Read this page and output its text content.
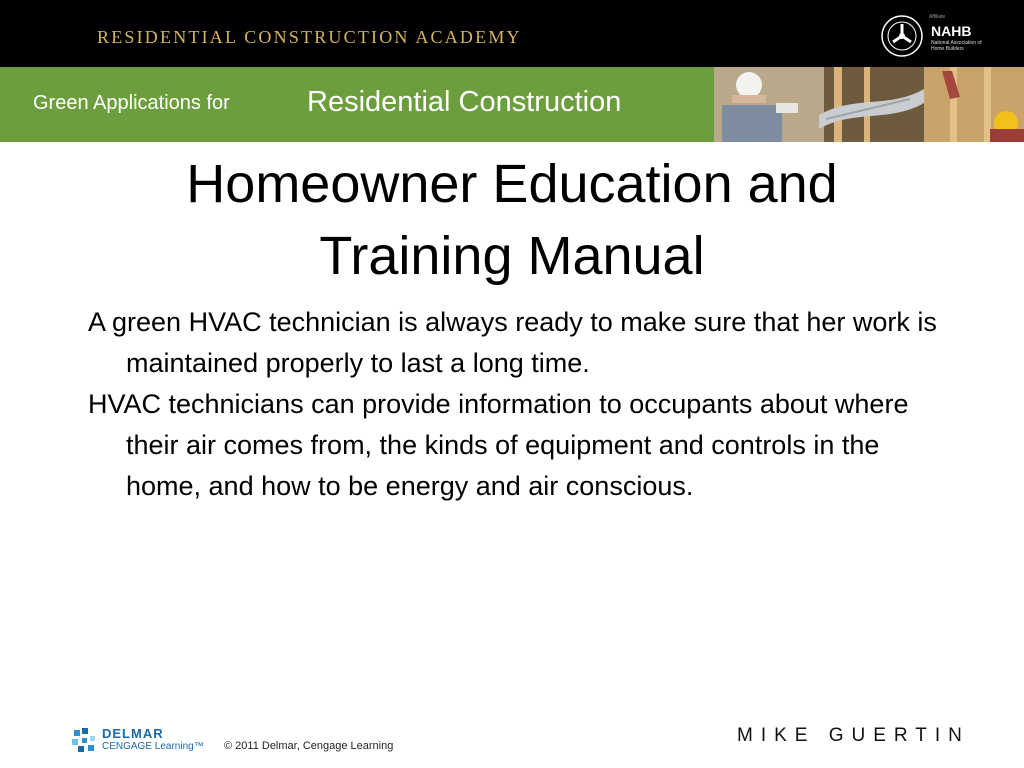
RESIDENTIAL CONSTRUCTION ACADEMY
Affiliate
NAHB
National Association of Home Builders
Green Applications for	Residential Construction
Homeowner Education and Training Manual
A green HVAC technician is always ready to make sure that her work is maintained properly to last a long time.
HVAC technicians can provide information to occupants about where their air comes from, the kinds of equipment and controls in the home, and how to be energy and air conscious.
DELMAR
CENGAGE Learning™ © 2011 Delmar, Cengage Learning	MIKE GUERTIN
